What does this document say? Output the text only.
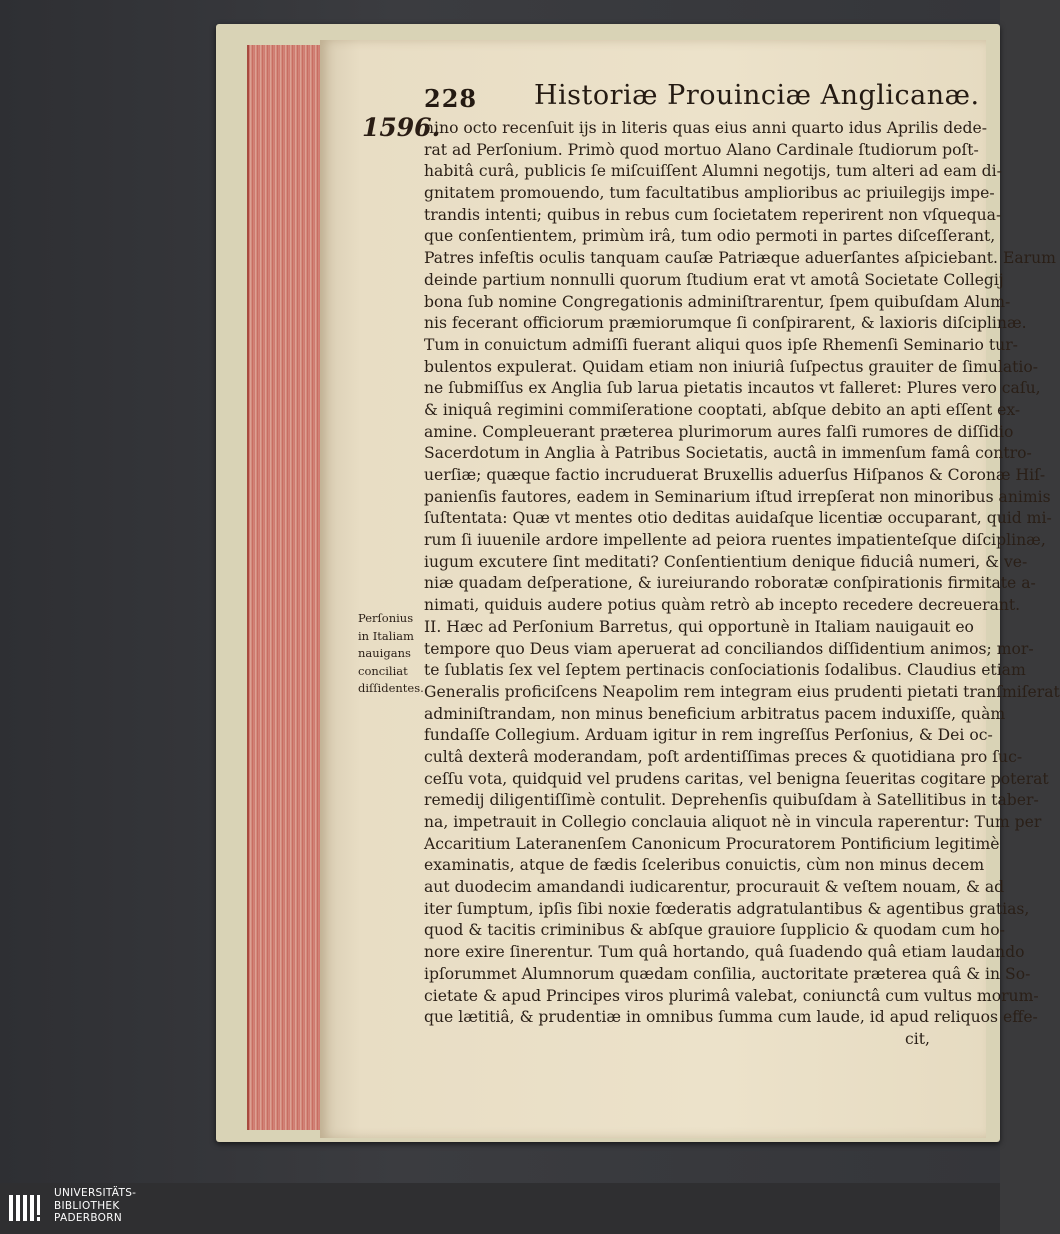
228 Historiæ Prouinciæ Anglicanæ.
1596.
Perſonius
in Italiam
nauigans
conciliat
diſſidentes.
nino octo recenſuit ijs in literis quas eius anni quarto idus Aprilis dede-
rat ad Perſonium. Primò quod mortuo Alano Cardinale ſtudiorum poſt-
habitâ curâ, publicis ſe miſcuiſſent Alumni negotijs, tum alteri ad eam di-
gnitatem promouendo, tum facultatibus amplioribus ac priuilegijs impe-
trandis intenti; quibus in rebus cum ſocietatem reperirent non vſquequa-
que conſentientem, primùm irâ, tum odio permoti in partes diſceſſerant,
Patres infeſtis oculis tanquam cauſæ Patriæque aduerſantes aſpiciebant. Earum
deinde partium nonnulli quorum ſtudium erat vt amotâ Societate Collegij
bona ſub nomine Congregationis adminiſtrarentur, ſpem quibuſdam Alum-
nis fecerant officiorum præmiorumque ſi conſpirarent, & laxioris diſciplinæ.
Tum in conuictum admiſſi fuerant aliqui quos ipſe Rhemenſi Seminario tur-
bulentos expulerat. Quidam etiam non iniuriâ ſuſpectus grauiter de ſimulatio-
ne ſubmiſſus ex Anglia ſub larua pietatis incautos vt falleret: Plures vero caſu,
& iniquâ regimini commiſeratione cooptati, abſque debito an apti eſſent ex-
amine. Compleuerant præterea plurimorum aures falſi rumores de diſſidio
Sacerdotum in Anglia à Patribus Societatis, auctâ in immenſum famâ contro-
uerſiæ; quæque factio incruduerat Bruxellis aduerſus Hiſpanos & Coronæ Hiſ-
panienſis fautores, eadem in Seminarium iſtud irrepſerat non minoribus animis
ſuſtentata: Quæ vt mentes otio deditas auidaſque licentiæ occuparant, quid mi-
rum ſi iuuenile ardore impellente ad peiora ruentes impatienteſque diſciplinæ,
iugum excutere ſint meditati? Conſentientium denique fiduciâ numeri, & ve-
niæ quadam deſperatione, & iureiurando roboratæ conſpirationis firmitate a-
nimati, quiduis audere potius quàm retrò ab incepto recedere decreuerant.
II. Hæc ad Perſonium Barretus, qui opportunè in Italiam nauigauit eo
tempore quo Deus viam aperuerat ad conciliandos diſſidentium animos; mor-
te ſublatis ſex vel ſeptem pertinacis conſociationis ſodalibus. Claudius etiam
Generalis proficiſcens Neapolim rem integram eius prudenti pietati tranſmiſerat
adminiſtrandam, non minus beneficium arbitratus pacem induxiſſe, quàm
fundaſſe Collegium. Arduam igitur in rem ingreſſus Perſonius, & Dei oc-
cultâ dexterâ moderandam, poſt ardentiſſimas preces & quotidiana pro ſuc-
ceſſu vota, quidquid vel prudens caritas, vel benigna ſeueritas cogitare poterat
remedij diligentiſſimè contulit. Deprehenſis quibuſdam à Satellitibus in taber-
na, impetrauit in Collegio conclauia aliquot nè in vincula raperentur: Tum per
Accaritium Lateranenſem Canonicum Procuratorem Pontificium legitimè
examinatis, atque de fædis ſceleribus conuictis, cùm non minus decem
aut duodecim amandandi iudicarentur, procurauit & veſtem nouam, & ad
iter ſumptum, ipſis ſibi noxie fœderatis adgratulantibus & agentibus gratias,
quod & tacitis criminibus & abſque grauiore ſupplicio & quodam cum ho-
nore exire ſinerentur. Tum quâ hortando, quâ ſuadendo quâ etiam laudando
ipſorummet Alumnorum quædam conſilia, auctoritate præterea quâ & in So-
cietate & apud Principes viros plurimâ valebat, coniunctâ cum vultus morum-
que lætitiâ, & prudentiæ in omnibus ſumma cum laude, id apud reliquos effe-
cit,
UNIVERSITÄTS-
BIBLIOTHEK
PADERBORN
